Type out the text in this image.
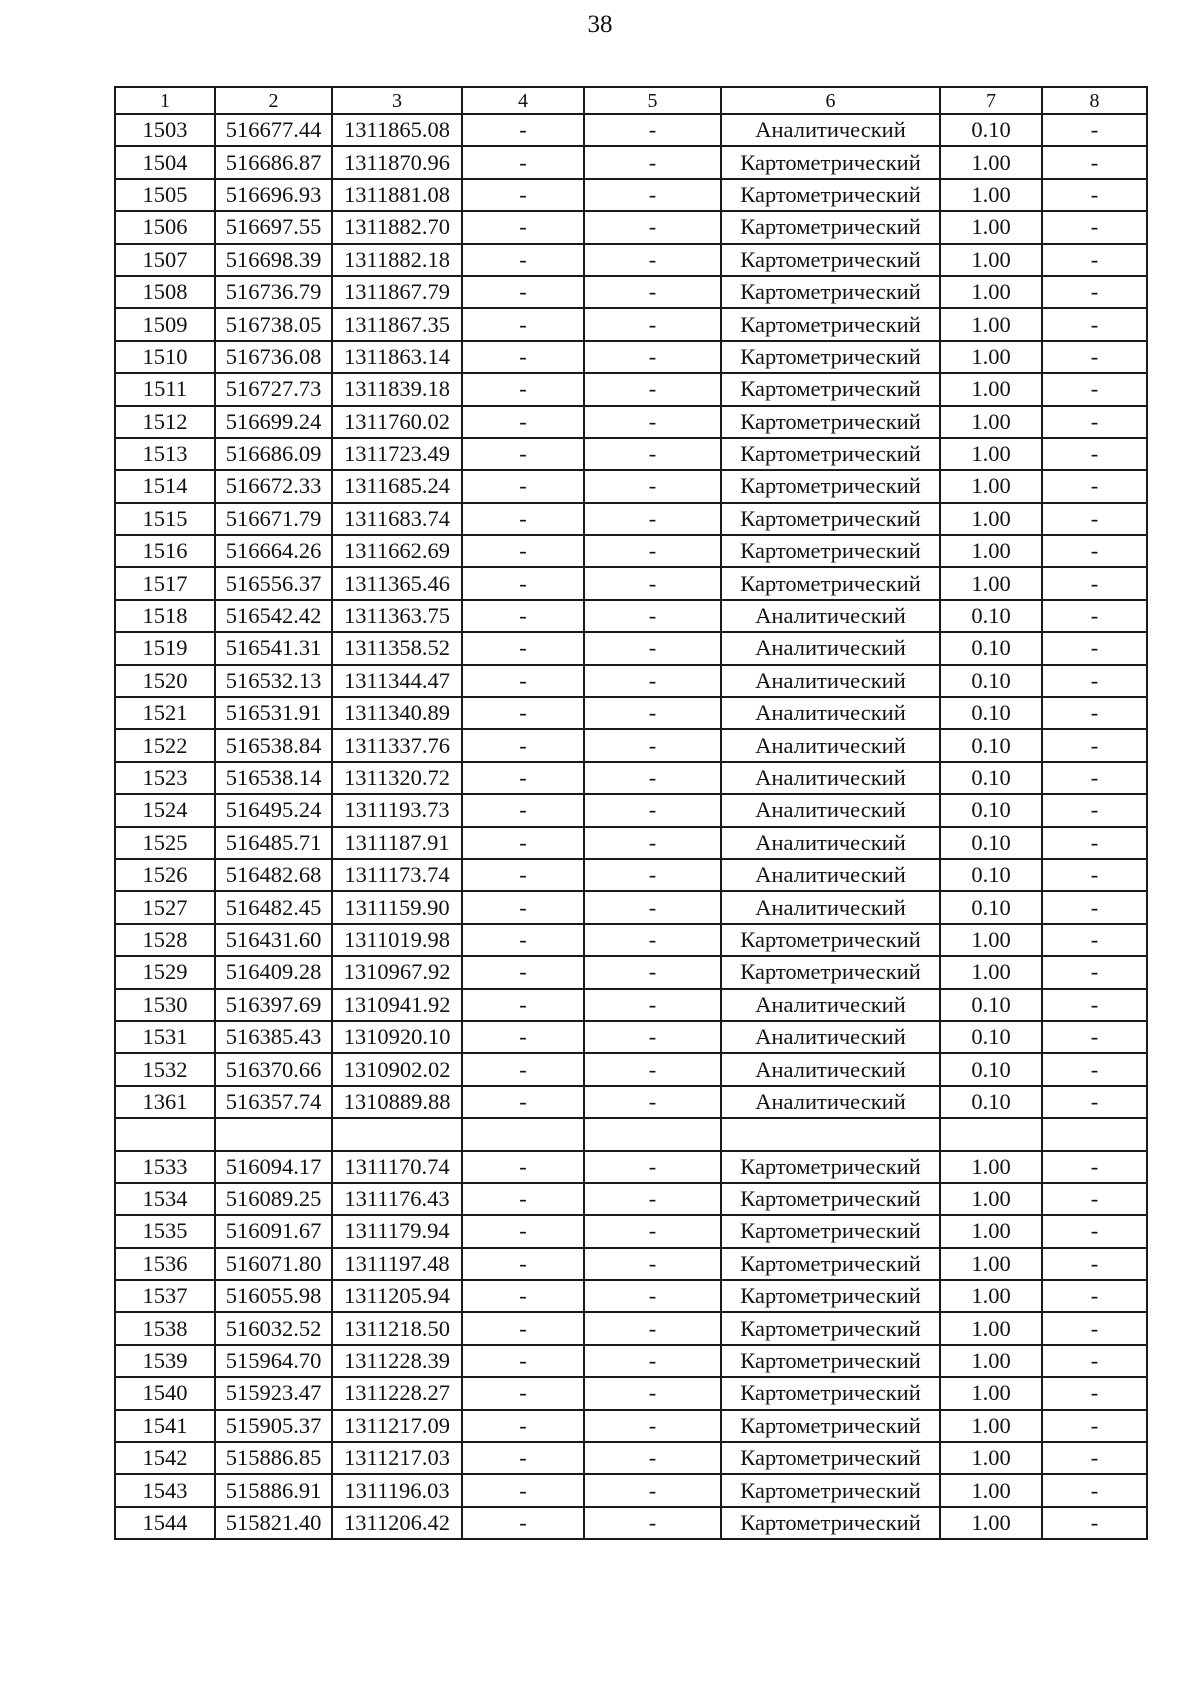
38
1	2	3	4	5	6	7	8
1503	516677.44	1311865.08	-	-	Аналитический	0.10	-
1504	516686.87	1311870.96	-	-	Картометрический	1.00	-
1505	516696.93	1311881.08	-	-	Картометрический	1.00	-
1506	516697.55	1311882.70	-	-	Картометрический	1.00	-
1507	516698.39	1311882.18	-	-	Картометрический	1.00	-
1508	516736.79	1311867.79	-	-	Картометрический	1.00	-
1509	516738.05	1311867.35	-	-	Картометрический	1.00	-
1510	516736.08	1311863.14	-	-	Картометрический	1.00	-
1511	516727.73	1311839.18	-	-	Картометрический	1.00	-
1512	516699.24	1311760.02	-	-	Картометрический	1.00	-
1513	516686.09	1311723.49	-	-	Картометрический	1.00	-
1514	516672.33	1311685.24	-	-	Картометрический	1.00	-
1515	516671.79	1311683.74	-	-	Картометрический	1.00	-
1516	516664.26	1311662.69	-	-	Картометрический	1.00	-
1517	516556.37	1311365.46	-	-	Картометрический	1.00	-
1518	516542.42	1311363.75	-	-	Аналитический	0.10	-
1519	516541.31	1311358.52	-	-	Аналитический	0.10	-
1520	516532.13	1311344.47	-	-	Аналитический	0.10	-
1521	516531.91	1311340.89	-	-	Аналитический	0.10	-
1522	516538.84	1311337.76	-	-	Аналитический	0.10	-
1523	516538.14	1311320.72	-	-	Аналитический	0.10	-
1524	516495.24	1311193.73	-	-	Аналитический	0.10	-
1525	516485.71	1311187.91	-	-	Аналитический	0.10	-
1526	516482.68	1311173.74	-	-	Аналитический	0.10	-
1527	516482.45	1311159.90	-	-	Аналитический	0.10	-
1528	516431.60	1311019.98	-	-	Картометрический	1.00	-
1529	516409.28	1310967.92	-	-	Картометрический	1.00	-
1530	516397.69	1310941.92	-	-	Аналитический	0.10	-
1531	516385.43	1310920.10	-	-	Аналитический	0.10	-
1532	516370.66	1310902.02	-	-	Аналитический	0.10	-
1361	516357.74	1310889.88	-	-	Аналитический	0.10	-

1533	516094.17	1311170.74	-	-	Картометрический	1.00	-
1534	516089.25	1311176.43	-	-	Картометрический	1.00	-
1535	516091.67	1311179.94	-	-	Картометрический	1.00	-
1536	516071.80	1311197.48	-	-	Картометрический	1.00	-
1537	516055.98	1311205.94	-	-	Картометрический	1.00	-
1538	516032.52	1311218.50	-	-	Картометрический	1.00	-
1539	515964.70	1311228.39	-	-	Картометрический	1.00	-
1540	515923.47	1311228.27	-	-	Картометрический	1.00	-
1541	515905.37	1311217.09	-	-	Картометрический	1.00	-
1542	515886.85	1311217.03	-	-	Картометрический	1.00	-
1543	515886.91	1311196.03	-	-	Картометрический	1.00	-
1544	515821.40	1311206.42	-	-	Картометрический	1.00	-
